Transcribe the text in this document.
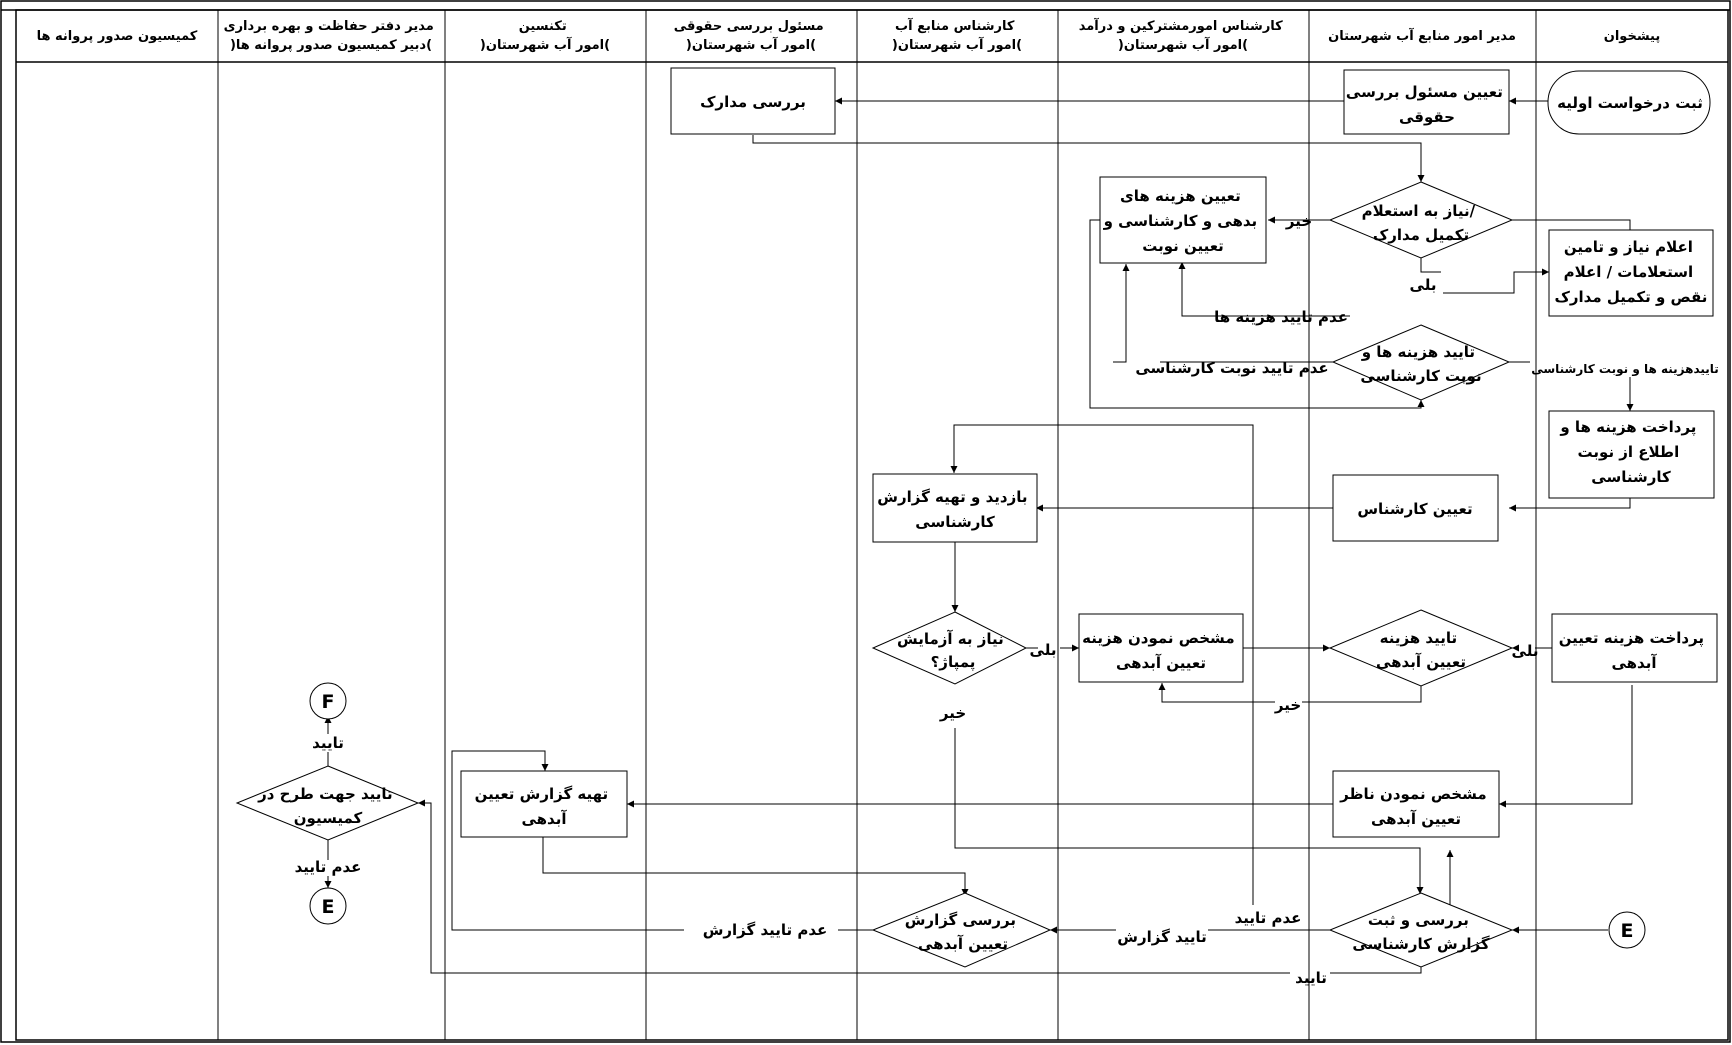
پیشخوان
مدیر امور منابع آب شهرستان
کارشناس امورمشترکین و درآمد )امور آب شهرستان(
کارشناس منابع آب )امور آب شهرستان(
مسئول بررسی حقوقی )امور آب شهرستان(
تکنسین )امور آب شهرستان(
مدیر دفتر حفاظت و بهره برداری )دبیر کمیسیون صدور پروانه ها(
کمیسیون صدور پروانه ها
ثبت درخواست اولیه
تعیین مسئول بررسی حقوقی
بررسی مدارک
نیاز به استعلام/ تکمیل مدارک
اعلام نیاز و تامین استعلامات / اعلام نقص و تکمیل مدارک
تعیین هزینه های بدهی و کارشناسی و تعیین نوبت
تایید هزینه ها و نوبت کارشناسی
پرداخت هزینه ها و اطلاع از نوبت کارشناسی
تعیین کارشناس
بازدید و تهیه گزارش کارشناسی
نیاز به آزمایش پمپاژ؟
مشخص نمودن هزینه تعیین آبدهی
تایید هزینه تعیین آبدهی
پرداخت هزینه تعیین آبدهی
مشخص نمودن ناظر تعیین آبدهی
تهیه گزارش تعیین آبدهی
بررسی گزارش تعیین آبدهی
بررسی و ثبت گزارش کارشناسی
تایید جهت طرح در کمیسیون
F
E
E
خیر
بلی
عدم تایید هزینه ها
عدم تایید نوبت کارشناسی	تاییدهزینه ها و نوبت کارشناسی
بلی	بلی
خیر
خیر
عدم تایید گزارش	تایید گزارش
عدم تایید
تایید
تایید
عدم تایید
